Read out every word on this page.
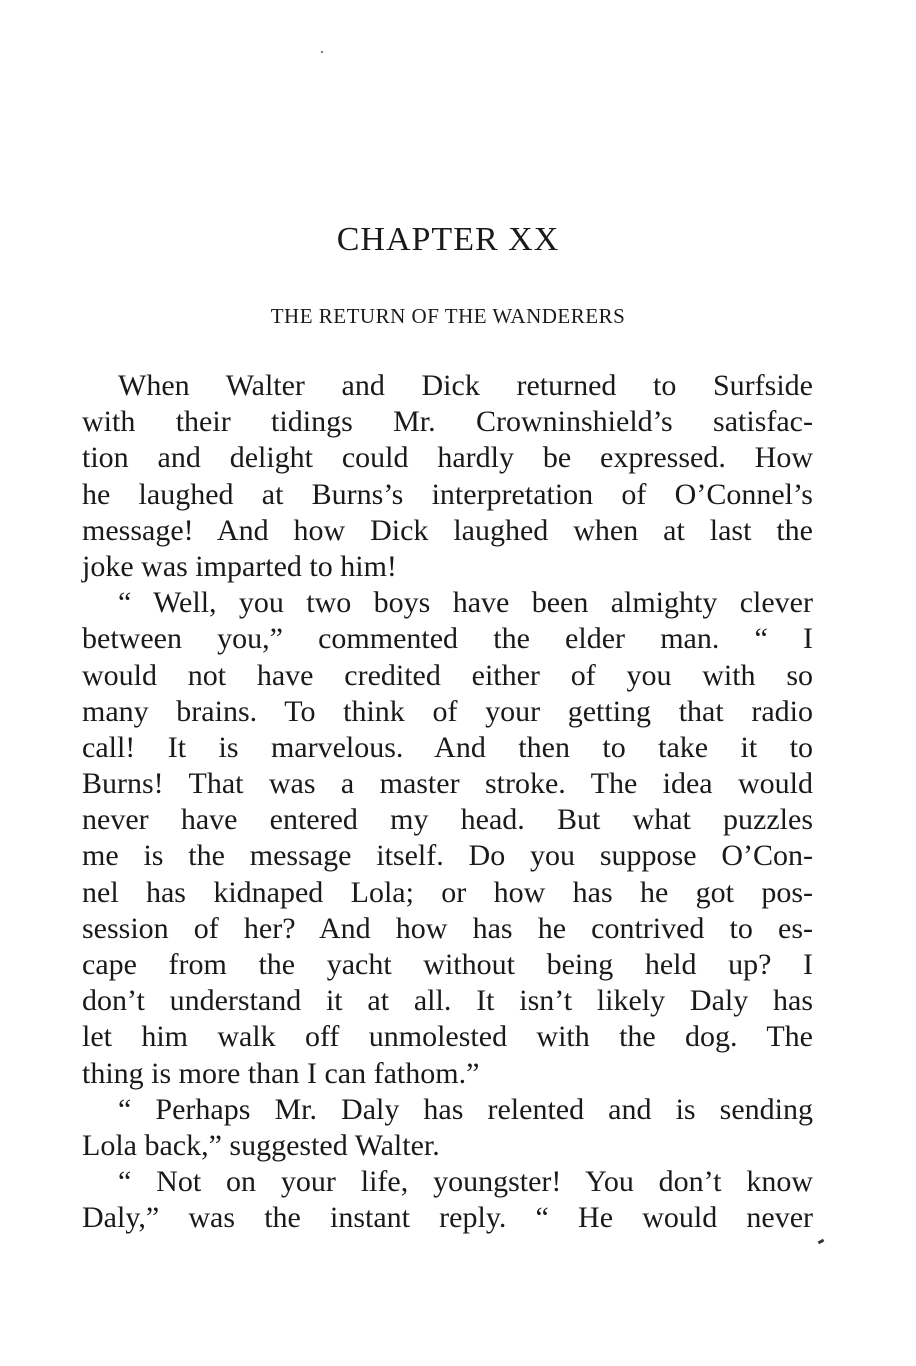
CHAPTER XX
THE RETURN OF THE WANDERERS
When Walter and Dick returned to Surfside
with their tidings Mr. Crowninshield’s satisfac-
tion and delight could hardly be expressed. How
he laughed at Burns’s interpretation of O’Connel’s
message! And how Dick laughed when at last the
joke was imparted to him!
“ Well, you two boys have been almighty clever
between you,” commented the elder man. “ I
would not have credited either of you with so
many brains. To think of your getting that radio
call! It is marvelous. And then to take it to
Burns! That was a master stroke. The idea would
never have entered my head. But what puzzles
me is the message itself. Do you suppose O’Con-
nel has kidnaped Lola; or how has he got pos-
session of her? And how has he contrived to es-
cape from the yacht without being held up? I
don’t understand it at all. It isn’t likely Daly has
let him walk off unmolested with the dog. The
thing is more than I can fathom.”
“ Perhaps Mr. Daly has relented and is sending
Lola back,” suggested Walter.
“ Not on your life, youngster! You don’t know
Daly,” was the instant reply. “ He would never
